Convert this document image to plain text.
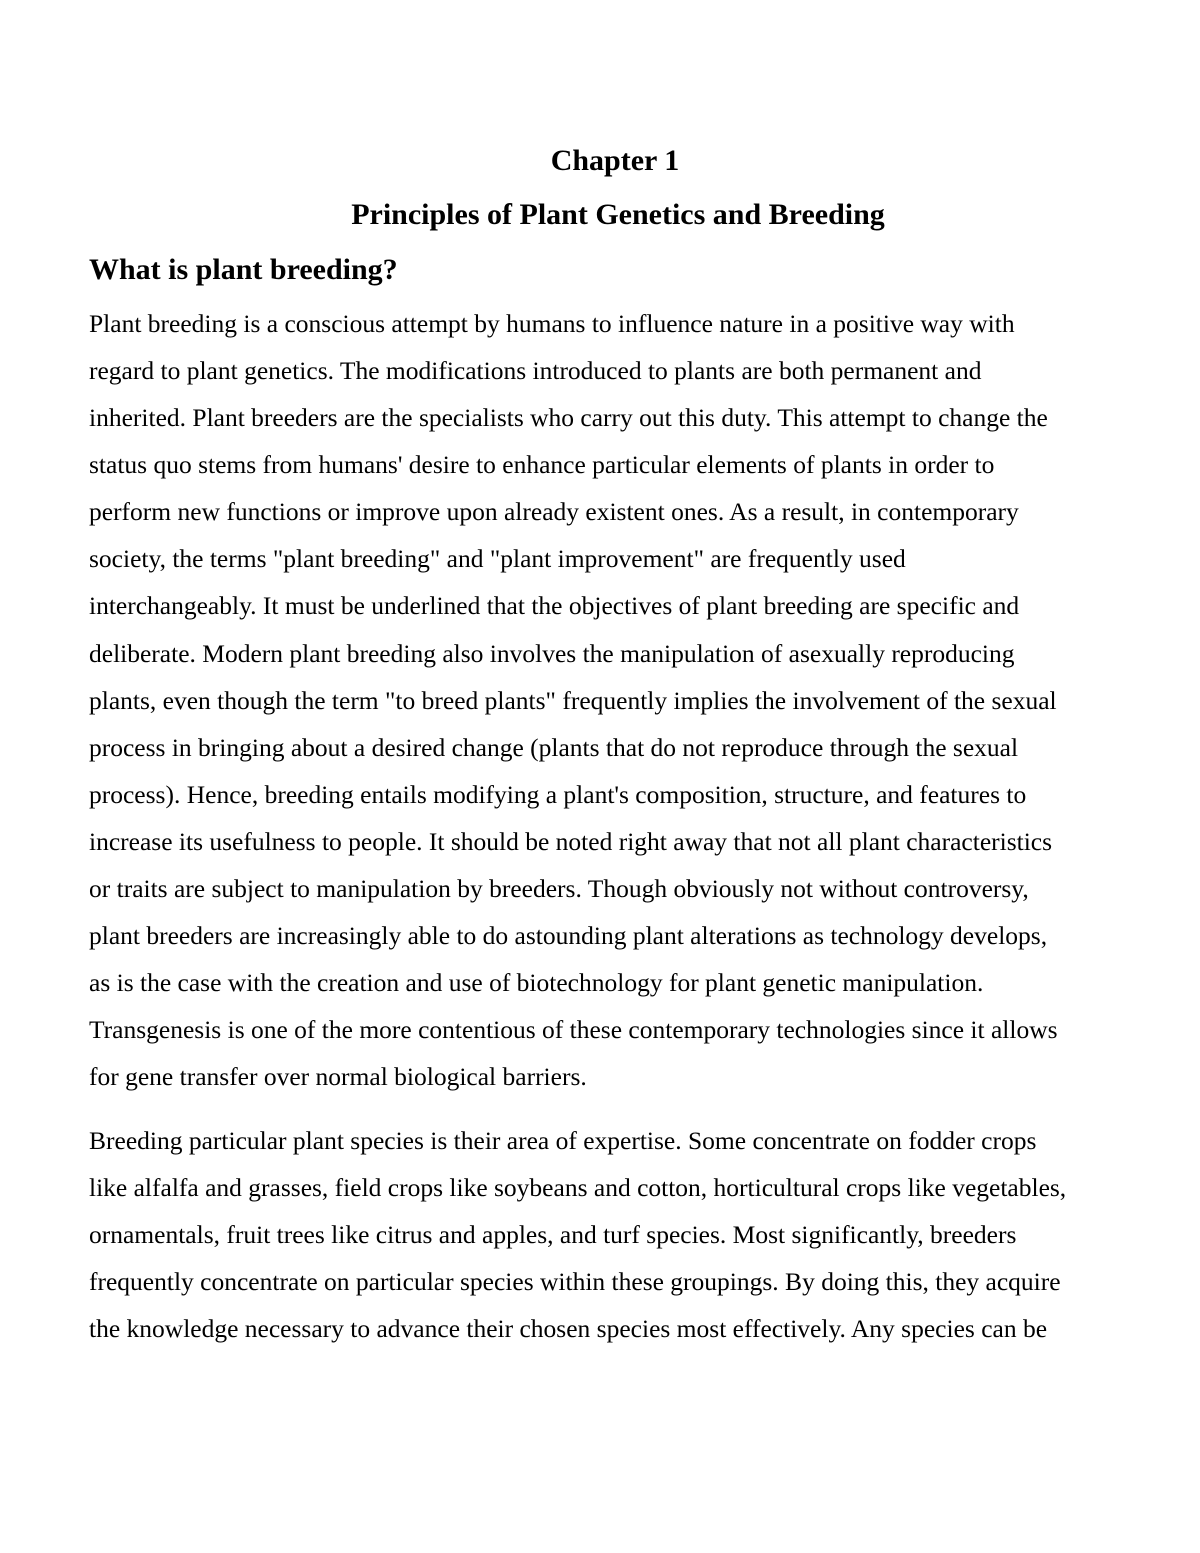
Chapter 1
Principles of Plant Genetics and Breeding
What is plant breeding?

Plant breeding is a conscious attempt by humans to influence nature in a positive way with

regard to plant genetics. The modifications introduced to plants are both permanent and

inherited. Plant breeders are the specialists who carry out this duty. This attempt to change the

status quo stems from humans' desire to enhance particular elements of plants in order to

perform new functions or improve upon already existent ones. As a result, in contemporary

society, the terms "plant breeding" and "plant improvement" are frequently used

interchangeably. It must be underlined that the objectives of plant breeding are specific and

deliberate. Modern plant breeding also involves the manipulation of asexually reproducing

plants, even though the term "to breed plants" frequently implies the involvement of the sexual

process in bringing about a desired change (plants that do not reproduce through the sexual

process). Hence, breeding entails modifying a plant's composition, structure, and features to

increase its usefulness to people. It should be noted right away that not all plant characteristics

or traits are subject to manipulation by breeders. Though obviously not without controversy,

plant breeders are increasingly able to do astounding plant alterations as technology develops,

as is the case with the creation and use of biotechnology for plant genetic manipulation.

Transgenesis is one of the more contentious of these contemporary technologies since it allows

for gene transfer over normal biological barriers.

Breeding particular plant species is their area of expertise. Some concentrate on fodder crops

like alfalfa and grasses, field crops like soybeans and cotton, horticultural crops like vegetables,

ornamentals, fruit trees like citrus and apples, and turf species. Most significantly, breeders

frequently concentrate on particular species within these groupings. By doing this, they acquire

the knowledge necessary to advance their chosen species most effectively. Any species can be
